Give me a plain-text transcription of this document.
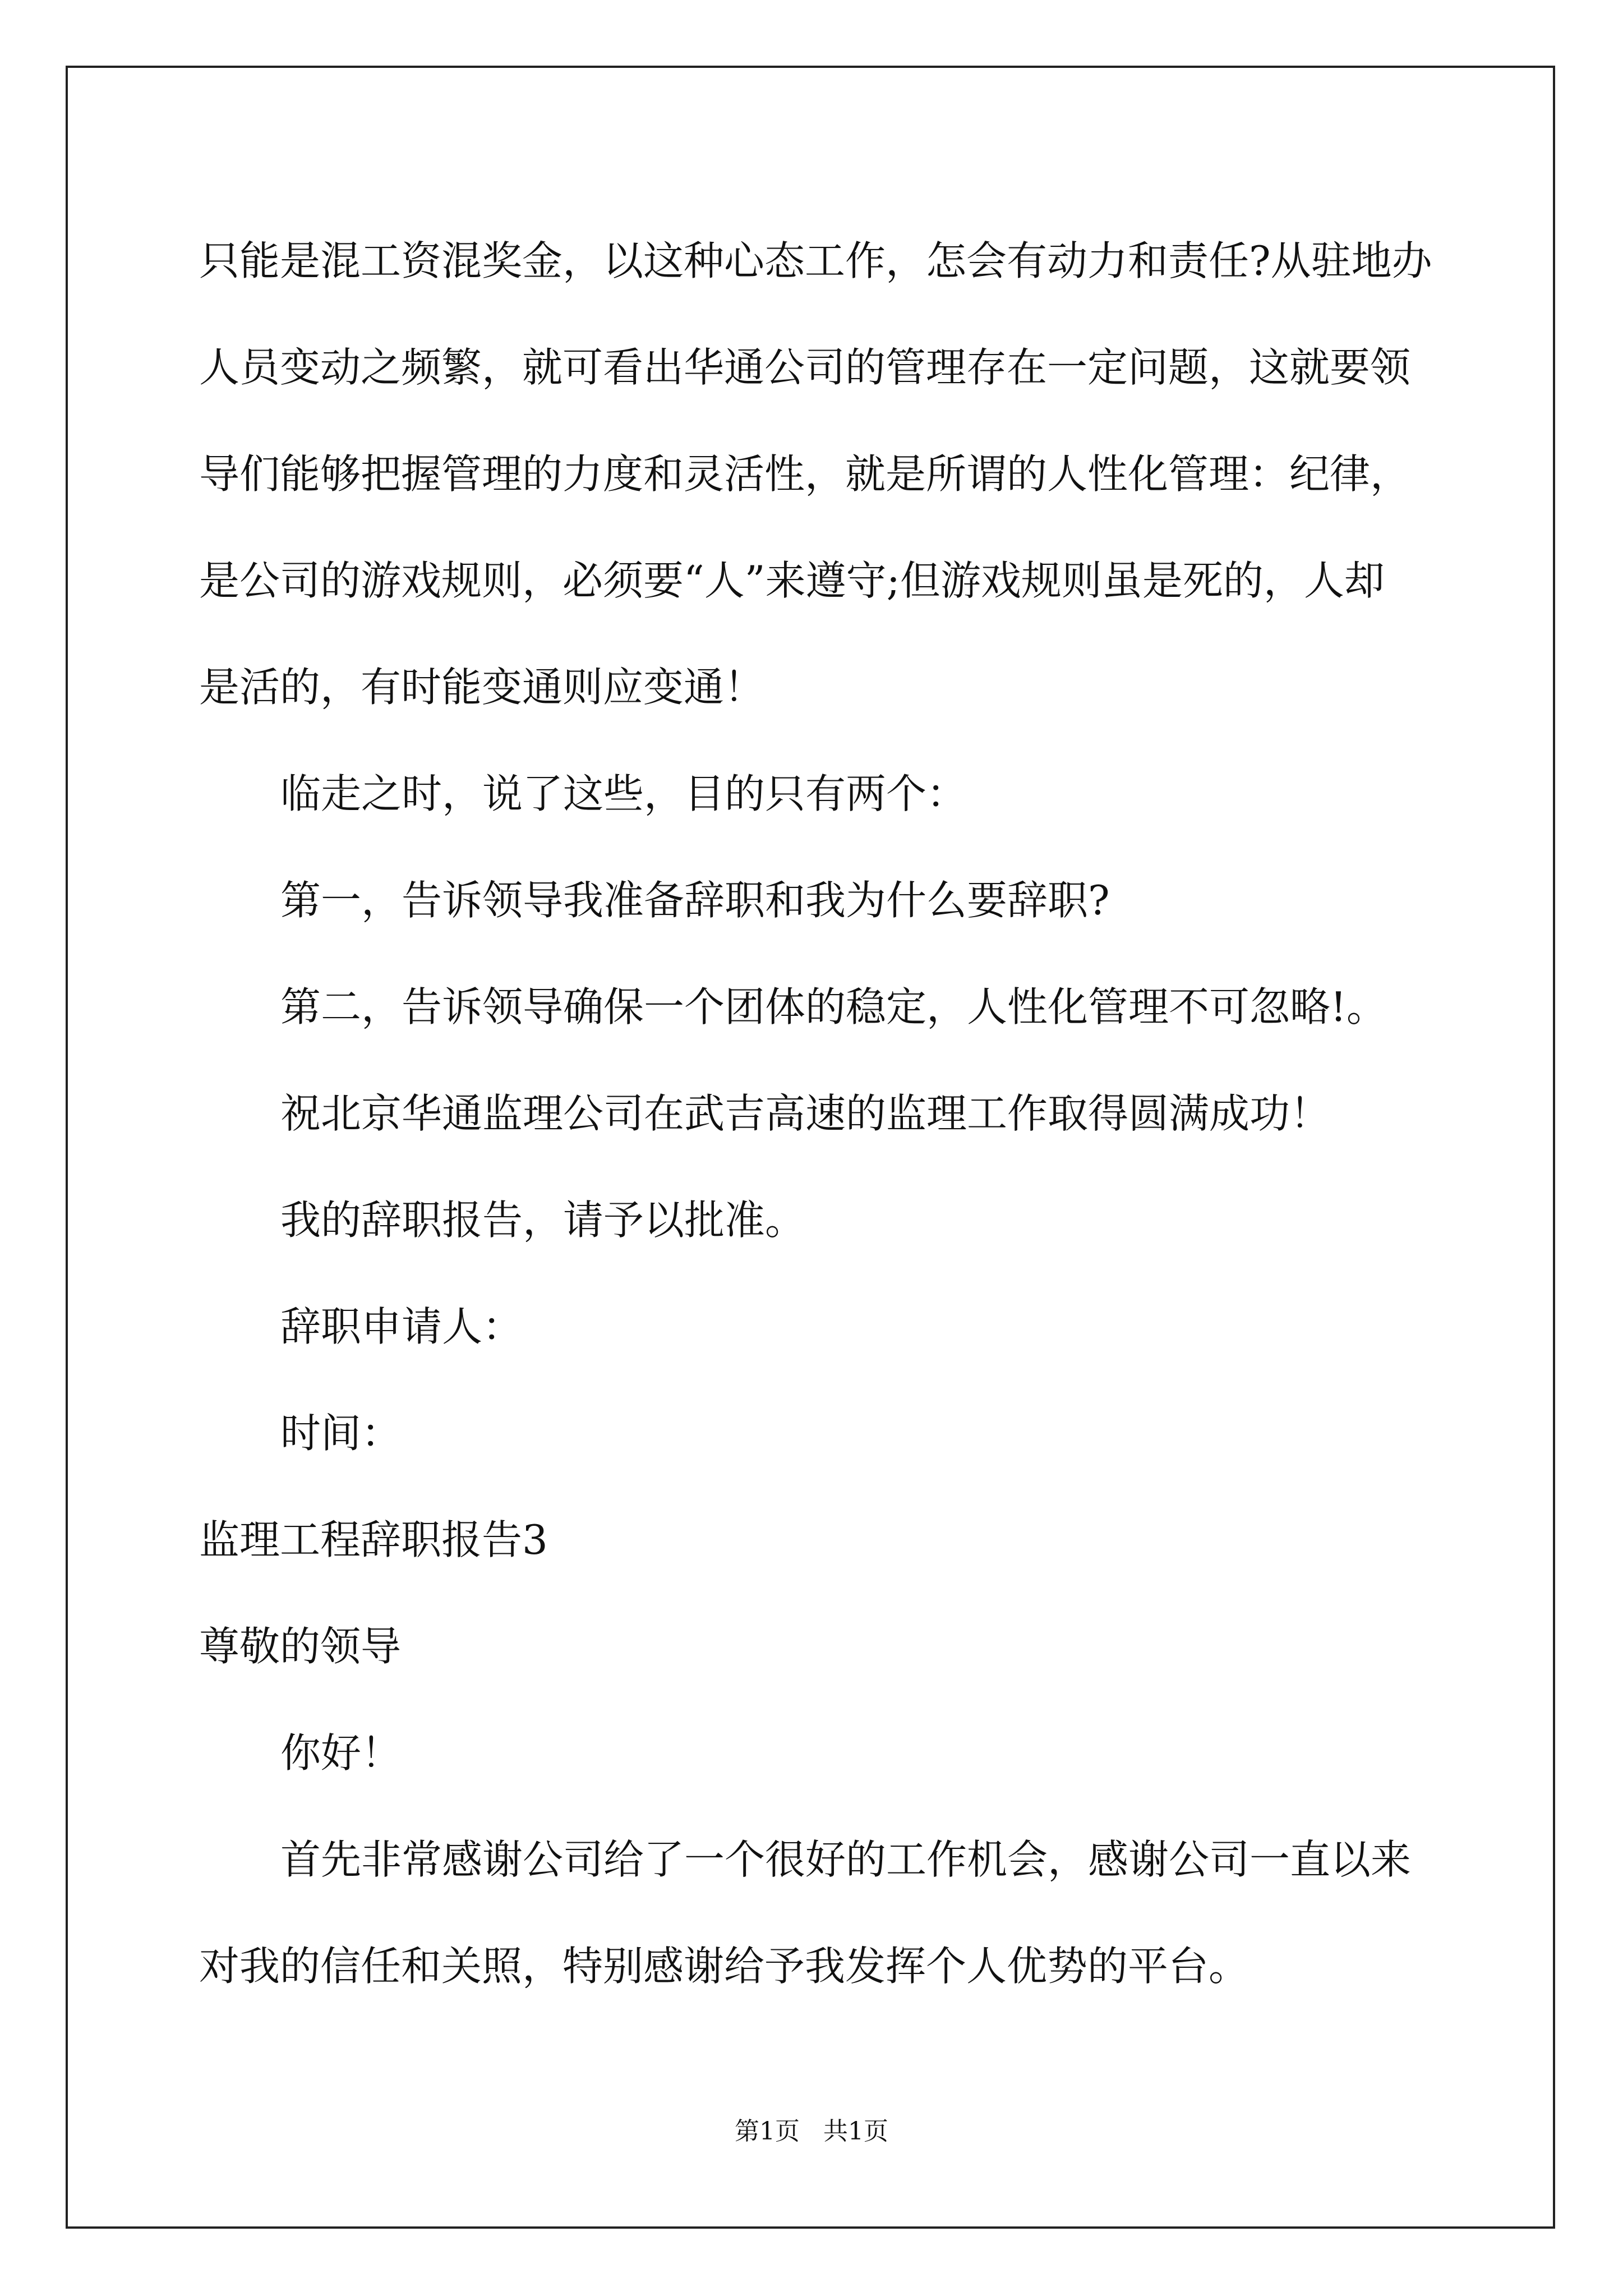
只能是混工资混奖金，以这种心态工作，怎会有动力和责任?从驻地办

人员变动之频繁，就可看出华通公司的管理存在一定问题，这就要领

导们能够把握管理的力度和灵活性，就是所谓的人性化管理：纪律，

是公司的游戏规则，必须要“人”来遵守;但游戏规则虽是死的，人却

是活的，有时能变通则应变通！

临走之时，说了这些，目的只有两个：

第一，告诉领导我准备辞职和我为什么要辞职?

第二，告诉领导确保一个团体的稳定，人性化管理不可忽略!。

祝北京华通监理公司在武吉高速的监理工作取得圆满成功！

我的辞职报告，请予以批准。

辞职申请人：

时间：

监理工程辞职报告3

尊敬的领导

你好！

首先非常感谢公司给了一个很好的工作机会，感谢公司一直以来

对我的信任和关照，特别感谢给予我发挥个人优势的平台。

第1页   共1页
